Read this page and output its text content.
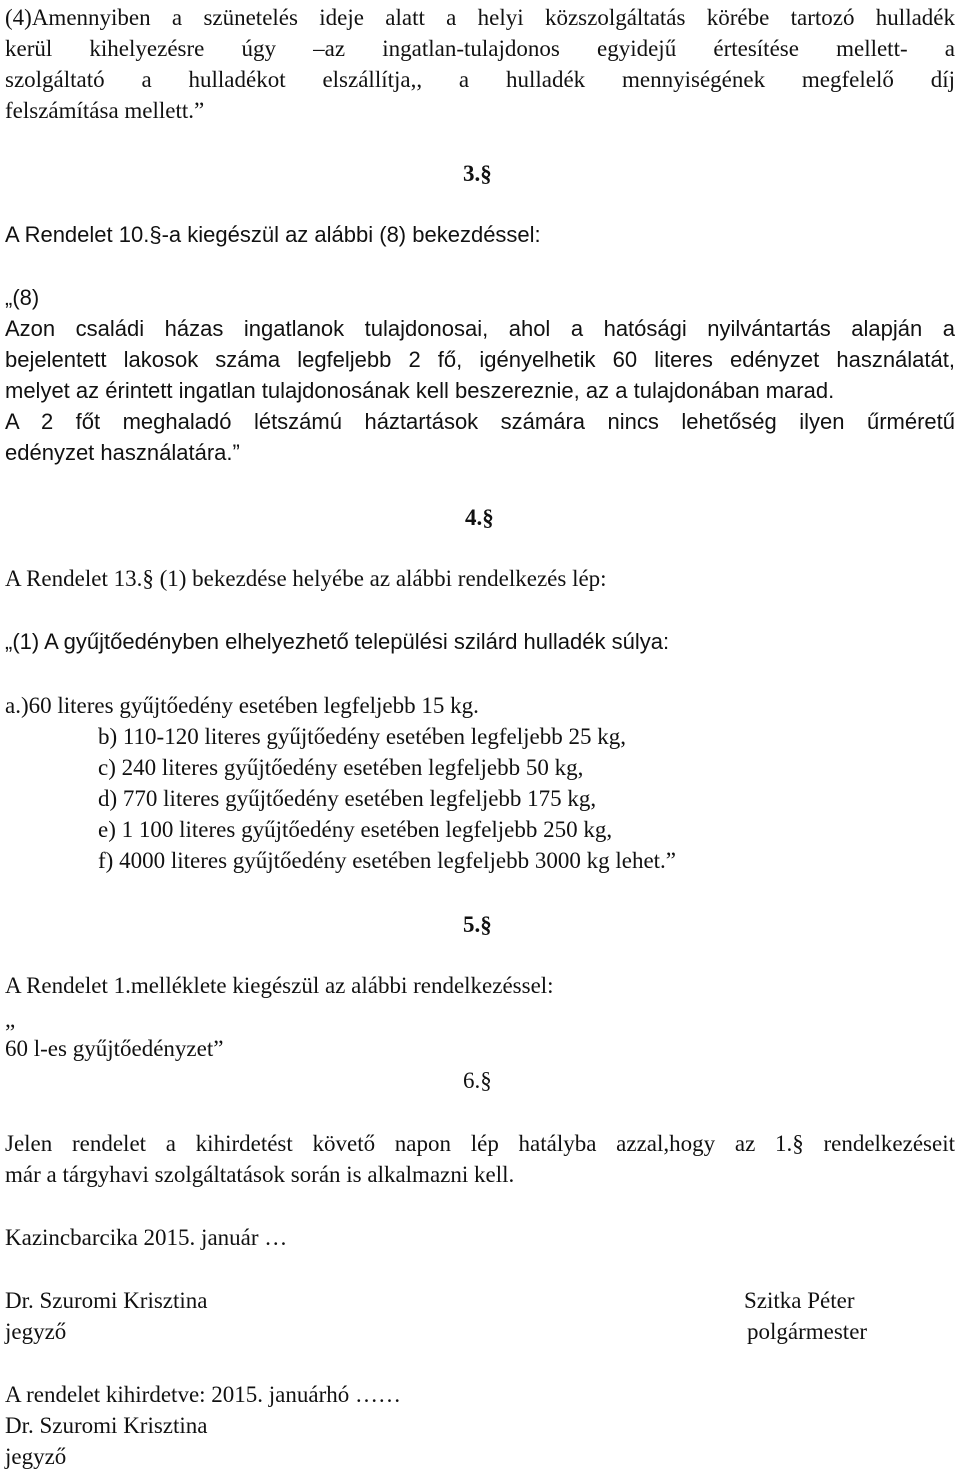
(4)Amennyiben a szünetelés ideje alatt a helyi közszolgáltatás körébe tartozó hulladék
kerül kihelyezésre úgy –az ingatlan-tulajdonos egyidejű értesítése mellett- a
szolgáltató a hulladékot elszállítja,, a hulladék mennyiségének megfelelő díj
felszámítása mellett.”
3.§
A Rendelet 10.§-a kiegészül az alábbi (8) bekezdéssel:
„(8)
Azon családi házas ingatlanok tulajdonosai, ahol a hatósági nyilvántartás alapján a
bejelentett lakosok száma legfeljebb 2 fő, igényelhetik 60 literes edényzet használatát,
melyet az érintett ingatlan tulajdonosának kell beszereznie, az a tulajdonában marad.
A 2 főt meghaladó létszámú háztartások számára nincs lehetőség ilyen űrméretű
edényzet használatára.”
4.§
A Rendelet 13.§ (1) bekezdése helyébe az alábbi rendelkezés lép:
„(1) A gyűjtőedényben elhelyezhető települési szilárd hulladék súlya:
a.)60 literes gyűjtőedény esetében legfeljebb 15 kg.
b) 110-120 literes gyűjtőedény esetében legfeljebb 25 kg,
c) 240 literes gyűjtőedény esetében legfeljebb 50 kg,
d) 770 literes gyűjtőedény esetében legfeljebb 175 kg,
e) 1 100 literes gyűjtőedény esetében legfeljebb 250 kg,
f) 4000 literes gyűjtőedény esetében legfeljebb 3000 kg lehet.”
5.§
A Rendelet 1.melléklete kiegészül az alábbi rendelkezéssel:
„
60 l-es gyűjtőedényzet”
6.§
Jelen rendelet a kihirdetést követő napon lép hatályba azzal,hogy az 1.§ rendelkezéseit
már a tárgyhavi szolgáltatások során is alkalmazni kell.
Kazincbarcika 2015. január …
Dr. Szuromi Krisztina
jegyző
Szitka Péter
polgármester
A rendelet kihirdetve: 2015. januárhó ……
Dr. Szuromi Krisztina
jegyző
